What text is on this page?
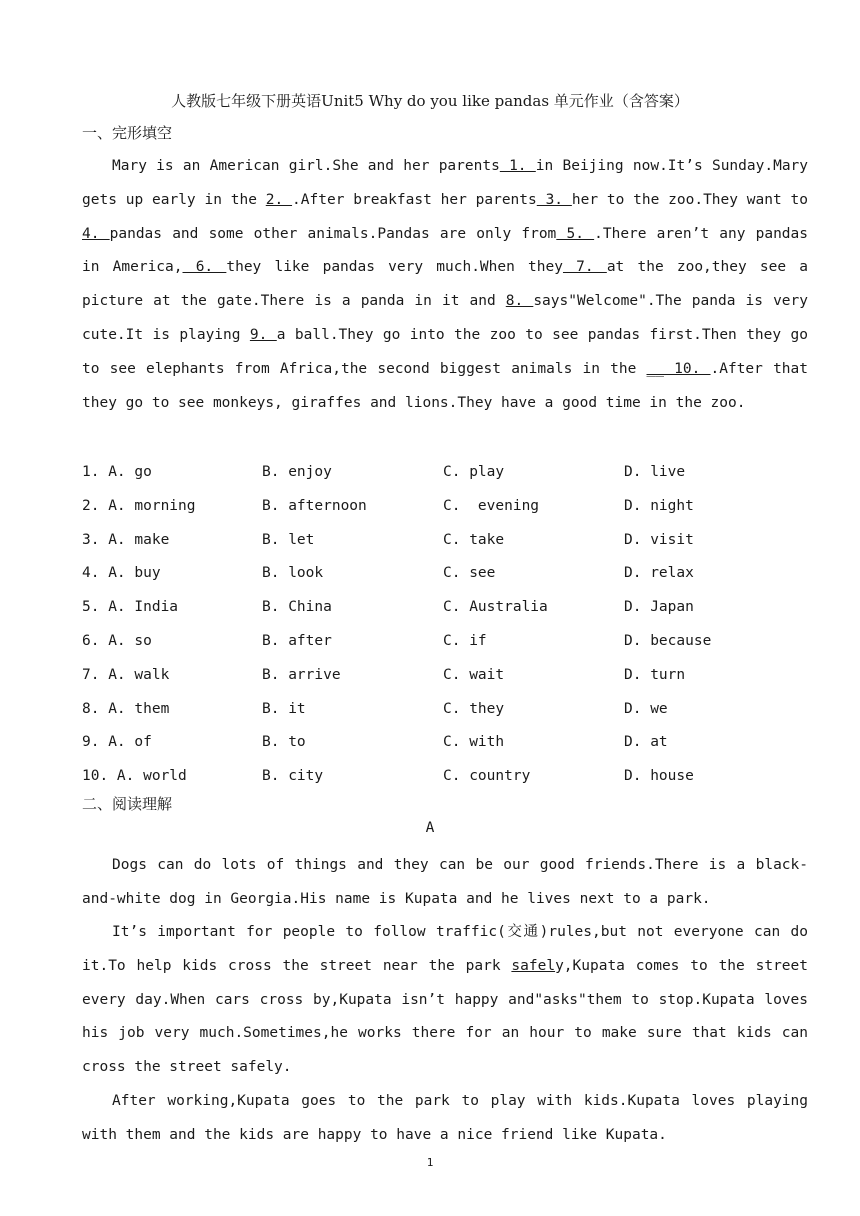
人教版七年级下册英语Unit5 Why do you like pandas 单元作业（含答案）
一、完形填空
Mary is an American girl.She and her parents 1. in Beijing now.It’s Sunday.Mary gets up early in the 2. .After breakfast her parents 3. her to the zoo.They want to 4. pandas and some other animals.Pandas are only from 5. .There aren’t any pandas in America, 6. they like pandas very much.When they 7. at the zoo,they see a picture at the gate.There is a panda in it and 8. says"Welcome".The panda is very cute.It is playing 9. a ball.They go into the zoo to see pandas first.Then they go to see elephants from Africa,the second biggest animals in the __ 10. .After that they go to see monkeys, giraffes and lions.They have a good time in the zoo.
1. A. go	B. enjoy	C. play	D. live
2. A. morning	B. afternoon	C.  evening	D. night
3. A. make	B. let	C. take	D. visit
4. A. buy	B. look	C. see	D. relax
5. A. India	B. China	C. Australia	D. Japan
6. A. so	B. after	C. if	D. because
7. A. walk	B. arrive	C. wait	D. turn
8. A. them	B. it	C. they	D. we
9. A. of	B. to	C. with	D. at
10. A. world	B. city	C. country	D. house
二、阅读理解
A
Dogs can do lots of things and they can be our good friends.There is a black- and-white dog in Georgia.His name is Kupata and he lives next to a park.
It’s important for people to follow traffic(交通)rules,but not everyone can do it.To help kids cross the street near the park safely,Kupata comes to the street every day.When cars cross by,Kupata isn’t happy and"asks"them to stop.Kupata loves his job very much.Sometimes,he works there for an hour to make sure that kids can cross the street safely.
After working,Kupata goes to the park to play with kids.Kupata loves playing with them and the kids are happy to have a nice friend like Kupata.
1
